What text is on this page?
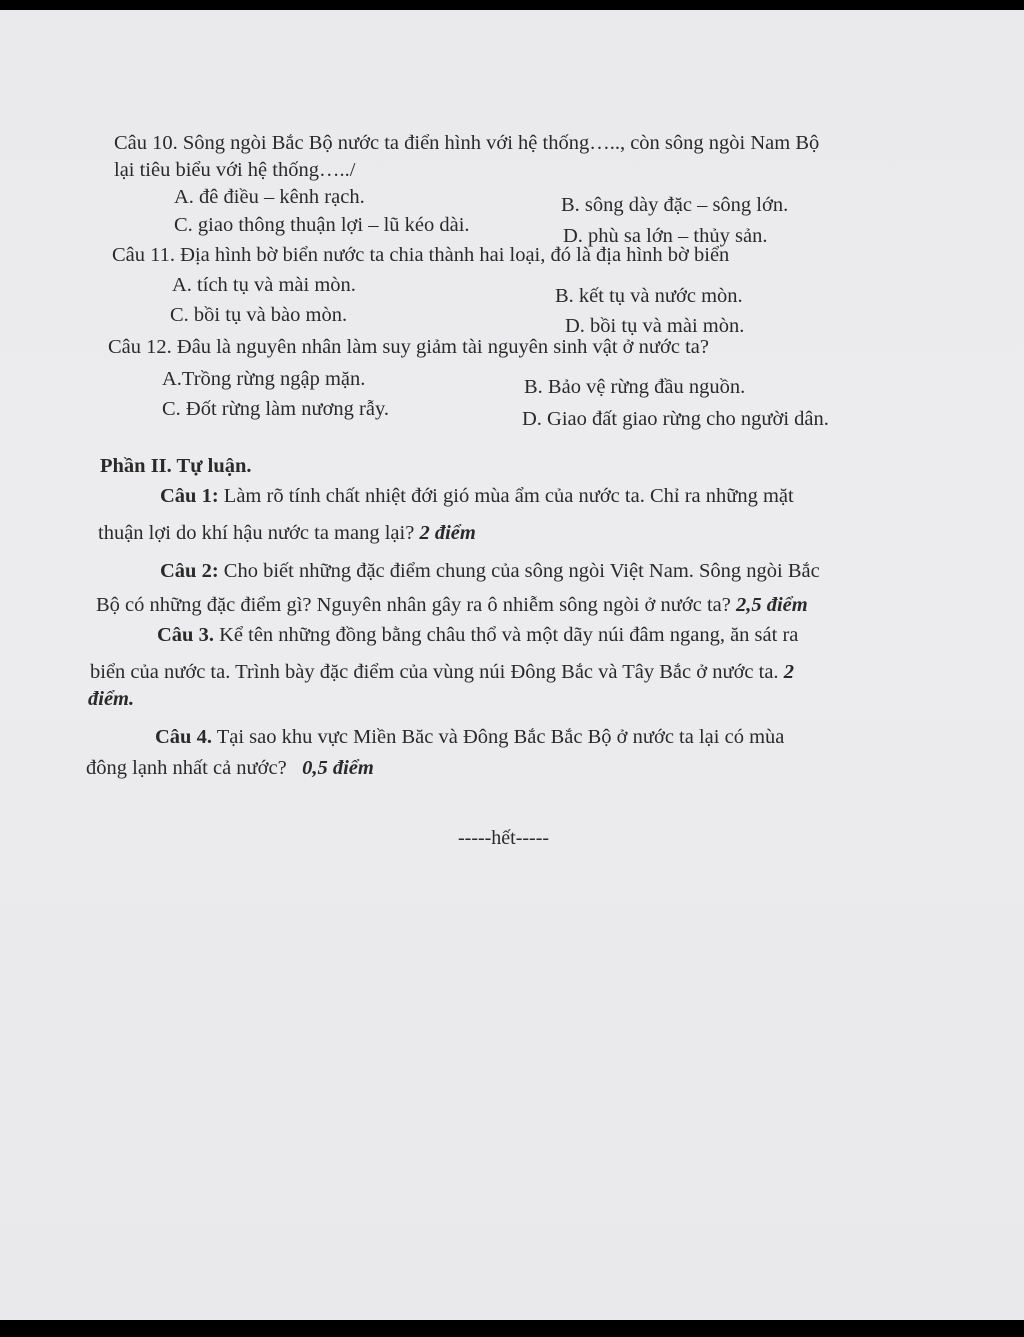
Câu 10. Sông ngòi Bắc Bộ nước ta điển hình với hệ thống….., còn sông ngòi Nam Bộ
lại tiêu biểu với hệ thống…../
A. đê điều – kênh rạch.	B. sông dày đặc – sông lớn.
C. giao thông thuận lợi – lũ kéo dài.	D. phù sa lớn – thủy sản.
Câu 11. Địa hình bờ biển nước ta chia thành hai loại, đó là địa hình bờ biển
A. tích tụ và mài mòn.	B. kết tụ và nước mòn.
C. bồi tụ và bào mòn.	D. bồi tụ và mài mòn.
Câu 12. Đâu là nguyên nhân làm suy giảm tài nguyên sinh vật ở nước ta?
A.Trồng rừng ngập mặn.	B. Bảo vệ rừng đầu nguồn.
C. Đốt rừng làm nương rẫy.	D. Giao đất giao rừng cho người dân.
Phần II. Tự luận.
Câu 1: Làm rõ tính chất nhiệt đới gió mùa ẩm của nước ta. Chỉ ra những mặt
thuận lợi do khí hậu nước ta mang lại? 2 điểm
Câu 2: Cho biết những đặc điểm chung của sông ngòi Việt Nam. Sông ngòi Bắc
Bộ có những đặc điểm gì? Nguyên nhân gây ra ô nhiễm sông ngòi ở nước ta? 2,5 điểm
Câu 3. Kể tên những đồng bằng châu thổ và một dãy núi đâm ngang, ăn sát ra
biển của nước ta. Trình bày đặc điểm của vùng núi Đông Bắc và Tây Bắc ở nước ta. 2
điểm.
Câu 4. Tại sao khu vực Miền Băc và Đông Bắc Bắc Bộ ở nước ta lại có mùa
đông lạnh nhất cả nước? 0,5 điểm
-----hết-----
